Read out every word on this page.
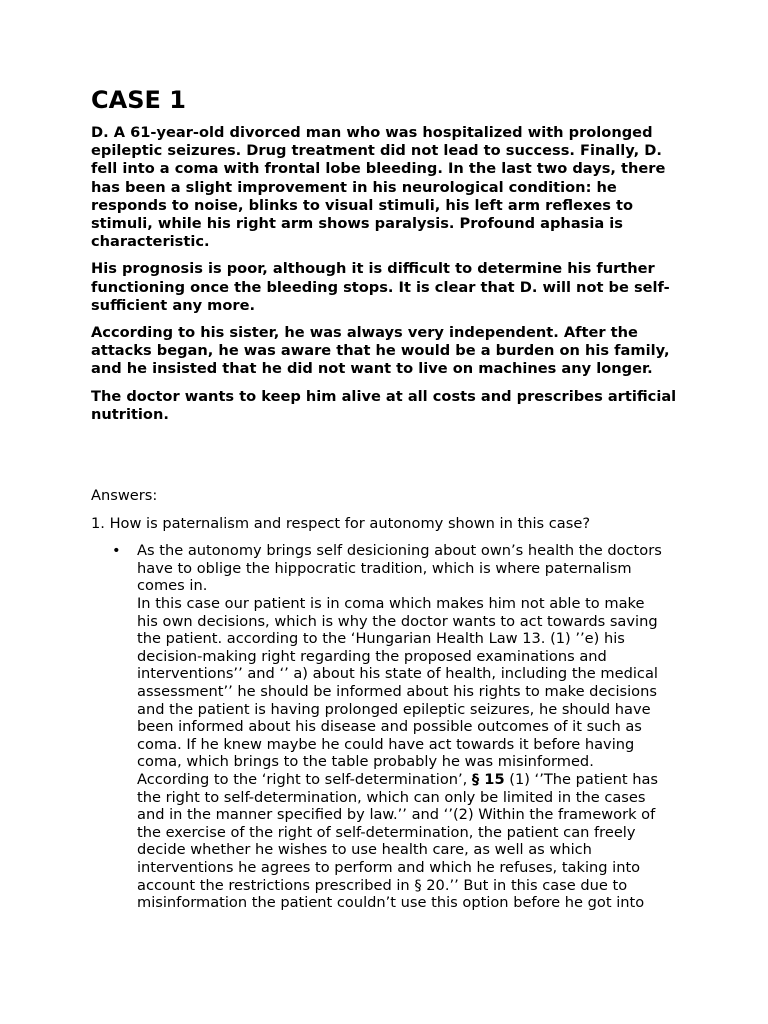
CASE 1

D. A 61-year-old divorced man who was hospitalized with prolonged epileptic seizures. Drug treatment did not lead to success. Finally, D. fell into a coma with frontal lobe bleeding. In the last two days, there has been a slight improvement in his neurological condition: he responds to noise, blinks to visual stimuli, his left arm reflexes to stimuli, while his right arm shows paralysis. Profound aphasia is characteristic.

His prognosis is poor, although it is difficult to determine his further functioning once the bleeding stops. It is clear that D. will not be self-sufficient any more.

According to his sister, he was always very independent. After the attacks began, he was aware that he would be a burden on his family, and he insisted that he did not want to live on machines any longer.

The doctor wants to keep him alive at all costs and prescribes artificial nutrition.

Answers:

1. How is paternalism and respect for autonomy shown in this case?

• As the autonomy brings self desicioning about own’s health the doctors
have to oblige the hippocratic tradition, which is where paternalism
comes in.
In this case our patient is in coma which makes him not able to make
his own decisions, which is why the doctor wants to act towards saving
the patient. according to the ‘Hungarian Health Law 13. (1) ’’e) his
decision-making right regarding the proposed examinations and
interventions’’ and ‘’ a) about his state of health, including the medical
assessment’’ he should be informed about his rights to make decisions
and the patient is having prolonged epileptic seizures, he should have
been informed about his disease and possible outcomes of it such as
coma. If he knew maybe he could have act towards it before having
coma, which brings to the table probably he was misinformed.
According to the ‘right to self-determination’, § 15 (1) ‘’The patient has
the right to self-determination, which can only be limited in the cases
and in the manner specified by law.’’ and ‘’(2) Within the framework of
the exercise of the right of self-determination, the patient can freely
decide whether he wishes to use health care, as well as which
interventions he agrees to perform and which he refuses, taking into
account the restrictions prescribed in § 20.’’ But in this case due to
misinformation the patient couldn’t use this option before he got into
